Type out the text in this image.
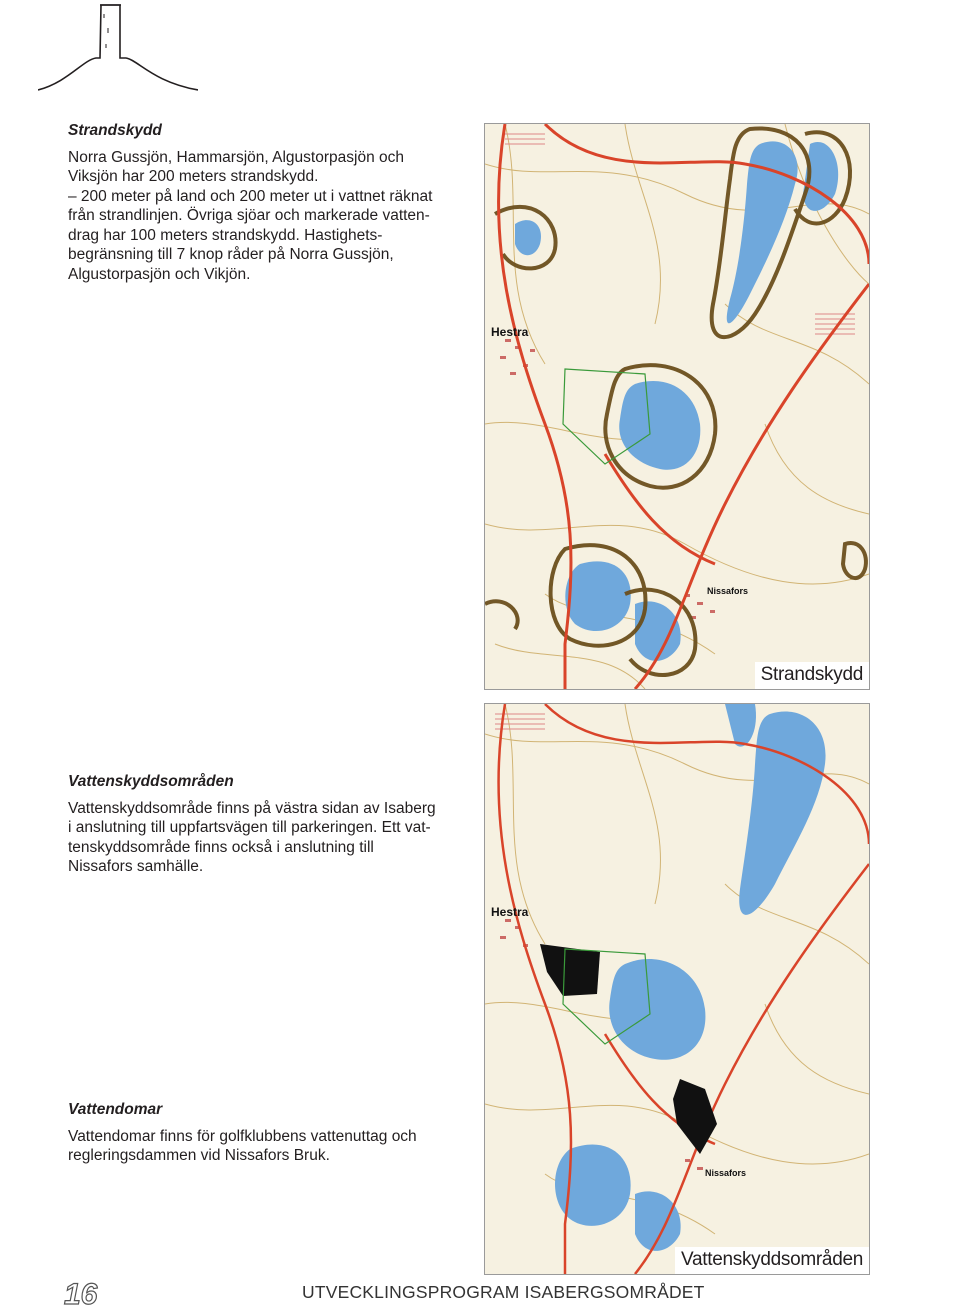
Strandskydd

Norra Gussjön, Hammarsjön, Algustorpasjön och

Viksjön har 200 meters strandskydd.

– 200 meter på land och 200 meter ut i vattnet räknat

från strandlinjen. Övriga sjöar och markerade vatten-

drag har 100 meters strandskydd. Hastighets-

begränsning till 7 knop råder på Norra Gussjön,

Algustorpasjön och Vikjön.

Hestra
Nissafors
Strandskydd
Vattenskyddsområden

Vattenskyddsområde finns på västra sidan av Isaberg

i anslutning till uppfartsvägen till parkeringen. Ett vat-

tenskyddsområde finns också i anslutning till

Nissafors samhälle.

Vattendomar

Vattendomar finns för golfklubbens vattenuttag och

regleringsdammen vid Nissafors Bruk.

Hestra
Nissafors
Vattenskyddsområden
16	UTVECKLINGSPROGRAM ISABERGSOMRÅDET
